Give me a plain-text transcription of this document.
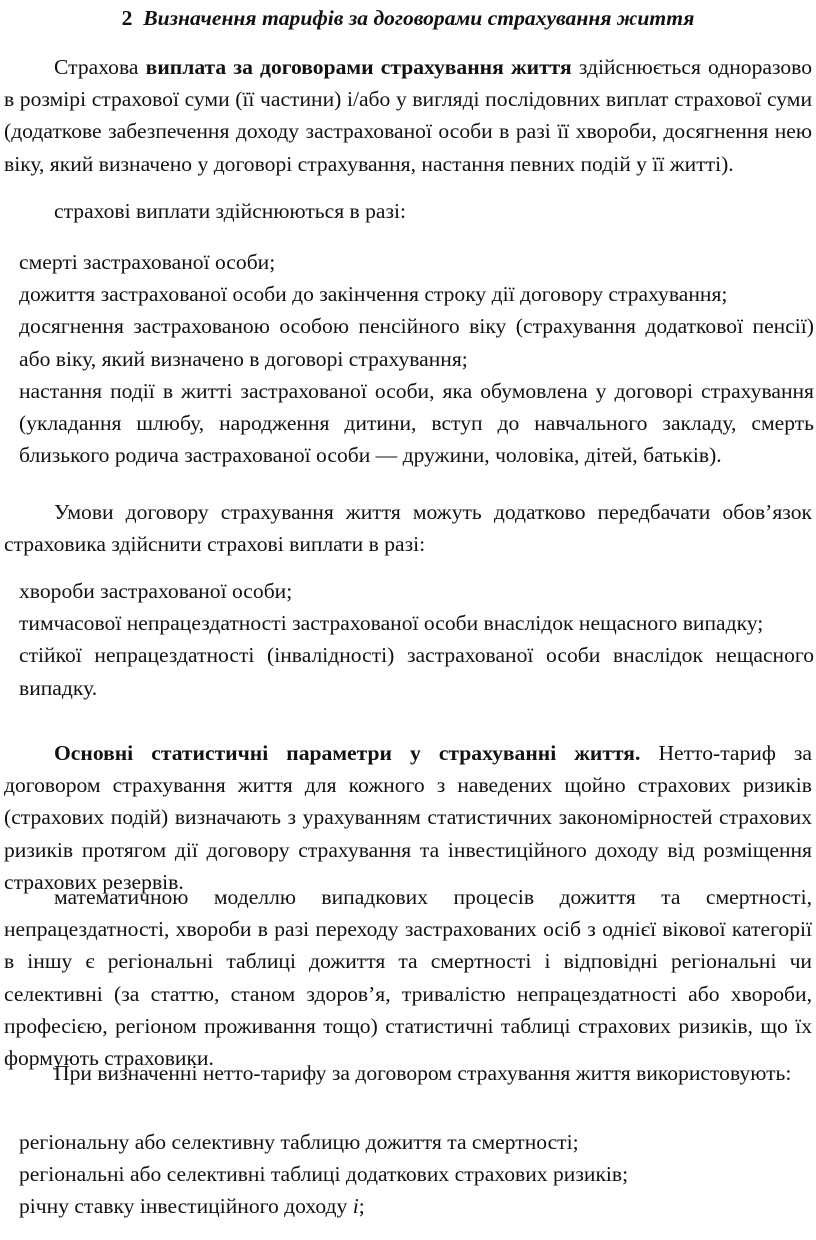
2 Визначення тарифів за договорами страхування життя

Страхова виплата за договорами страхування життя здійснюється одноразово в розмірі страхової суми (її частини) і/або у вигляді послідовних виплат страхової суми (додаткове забезпечення доходу застрахованої особи в разі її хвороби, досягнення нею віку, який визначено у договорі страхування, настання певних подій у її житті).

страхові виплати здійснюються в разі:

смерті застрахованої особи;
дожиття застрахованої особи до закінчення строку дії договору страхування;
досягнення застрахованою особою пенсійного віку (страхування додаткової пенсії) або віку, який визначено в договорі страхування;
настання події в житті застрахованої особи, яка обумовлена у договорі страхування (укладання шлюбу, народження дитини, вступ до навчального закладу, смерть близького родича застрахованої особи — дружини, чоловіка, дітей, батьків).

Умови договору страхування життя можуть додатково передбачати обов’язок страховика здійснити страхові виплати в разі:

хвороби застрахованої особи;
тимчасової непрацездатності застрахованої особи внаслідок нещасного випадку;
стійкої непрацездатності (інвалідності) застрахованої особи внаслідок нещасного випадку.

Основні статистичні параметри у страхуванні життя. Нетто-тариф за договором страхування життя для кожного з наведених щойно страхових ризиків (страхових подій) визначають з урахуванням статистичних закономірностей страхових ризиків протягом дії договору страхування та інвестиційного доходу від розміщення страхових резервів.

математичною моделлю випадкових процесів дожиття та смертності, непрацездатності, хвороби в разі переходу застрахованих осіб з однієї вікової категорії в іншу є регіональні таблиці дожиття та смертності і відповідні регіональні чи селективні (за статтю, станом здоров’я, тривалістю непрацездатності або хвороби, професією, регіоном проживання тощо) статистичні таблиці страхових ризиків, що їх формують страховики.

При визначенні нетто-тарифу за договором страхування життя використовують:

регіональну або селективну таблицю дожиття та смертності;
регіональні або селективні таблиці додаткових страхових ризиків;
річну ставку інвестиційного доходу i;
